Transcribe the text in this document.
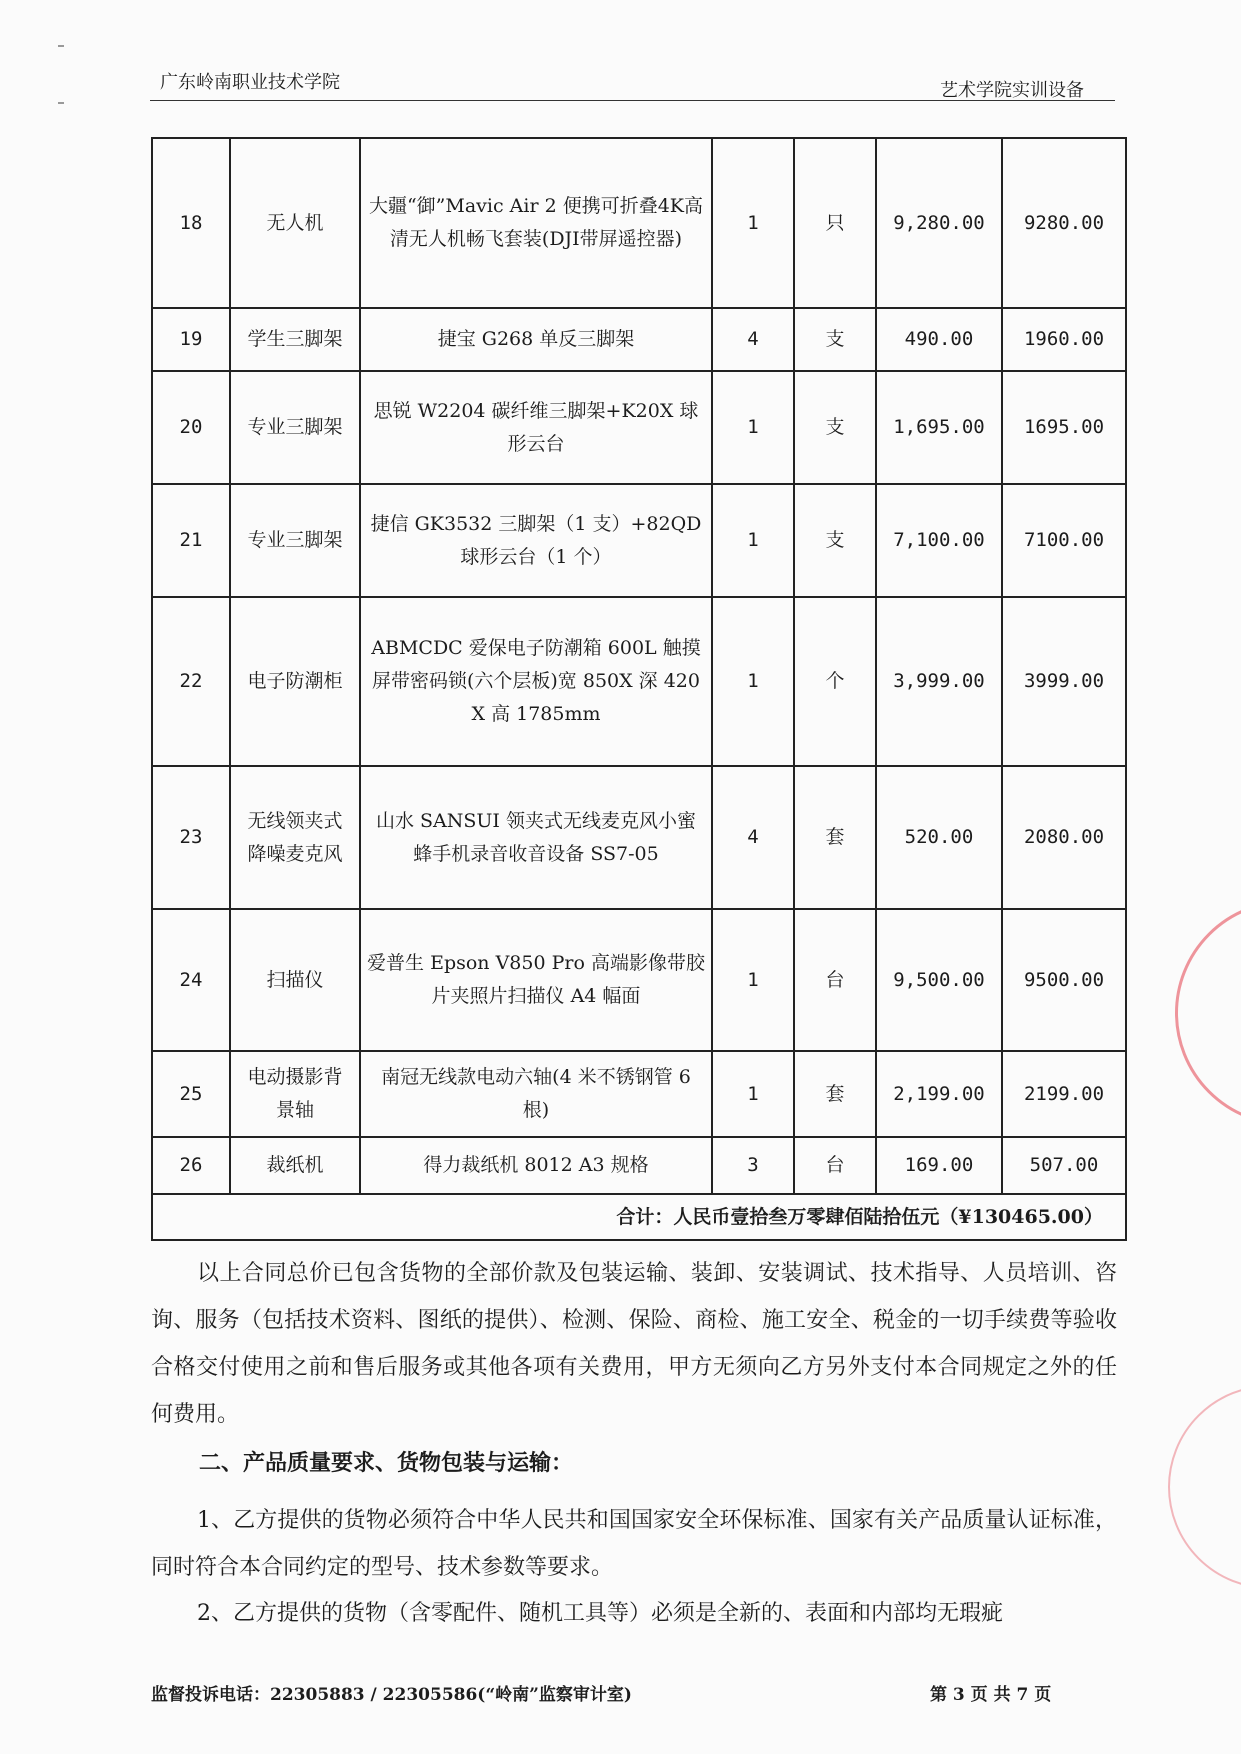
广东岭南职业技术学院	艺术学院实训设备
18	无人机	大疆“御”Mavic Air 2 便携可折叠4K高清无人机畅飞套装(DJI带屏遥控器)	1	只	9,280.00	9280.00
19	学生三脚架	捷宝 G268 单反三脚架	4	支	490.00	1960.00
20	专业三脚架	思锐 W2204 碳纤维三脚架+K20X 球形云台	1	支	1,695.00	1695.00
21	专业三脚架	捷信 GK3532 三脚架（1 支）+82QD 球形云台（1 个）	1	支	7,100.00	7100.00
22	电子防潮柜	ABMCDC 爱保电子防潮箱 600L 触摸屏带密码锁(六个层板)宽 850X 深 420X 高 1785mm	1	个	3,999.00	3999.00
23	无线领夹式降噪麦克风	山水 SANSUI 领夹式无线麦克风小蜜蜂手机录音收音设备 SS7-05	4	套	520.00	2080.00
24	扫描仪	爱普生 Epson V850 Pro 高端影像带胶片夹照片扫描仪 A4 幅面	1	台	9,500.00	9500.00
25	电动摄影背景轴	南冠无线款电动六轴(4 米不锈钢管 6 根)	1	套	2,199.00	2199.00
26	裁纸机	得力裁纸机 8012 A3 规格	3	台	169.00	507.00
合计：人民币壹拾叁万零肆佰陆拾伍元（¥130465.00）						
以上合同总价已包含货物的全部价款及包装运输、装卸、安装调试、技术指导、人员培训、咨询、服务（包括技术资料、图纸的提供）、检测、保险、商检、施工安全、税金的一切手续费等验收合格交付使用之前和售后服务或其他各项有关费用，甲方无须向乙方另外支付本合同规定之外的任何费用。
二、产品质量要求、货物包装与运输：
1、乙方提供的货物必须符合中华人民共和国国家安全环保标准、国家有关产品质量认证标准，同时符合本合同约定的型号、技术参数等要求。
2、乙方提供的货物（含零配件、随机工具等）必须是全新的、表面和内部均无瑕疵
监督投诉电话：22305883 / 22305586(“岭南”监察审计室)	第 3 页 共 7 页
